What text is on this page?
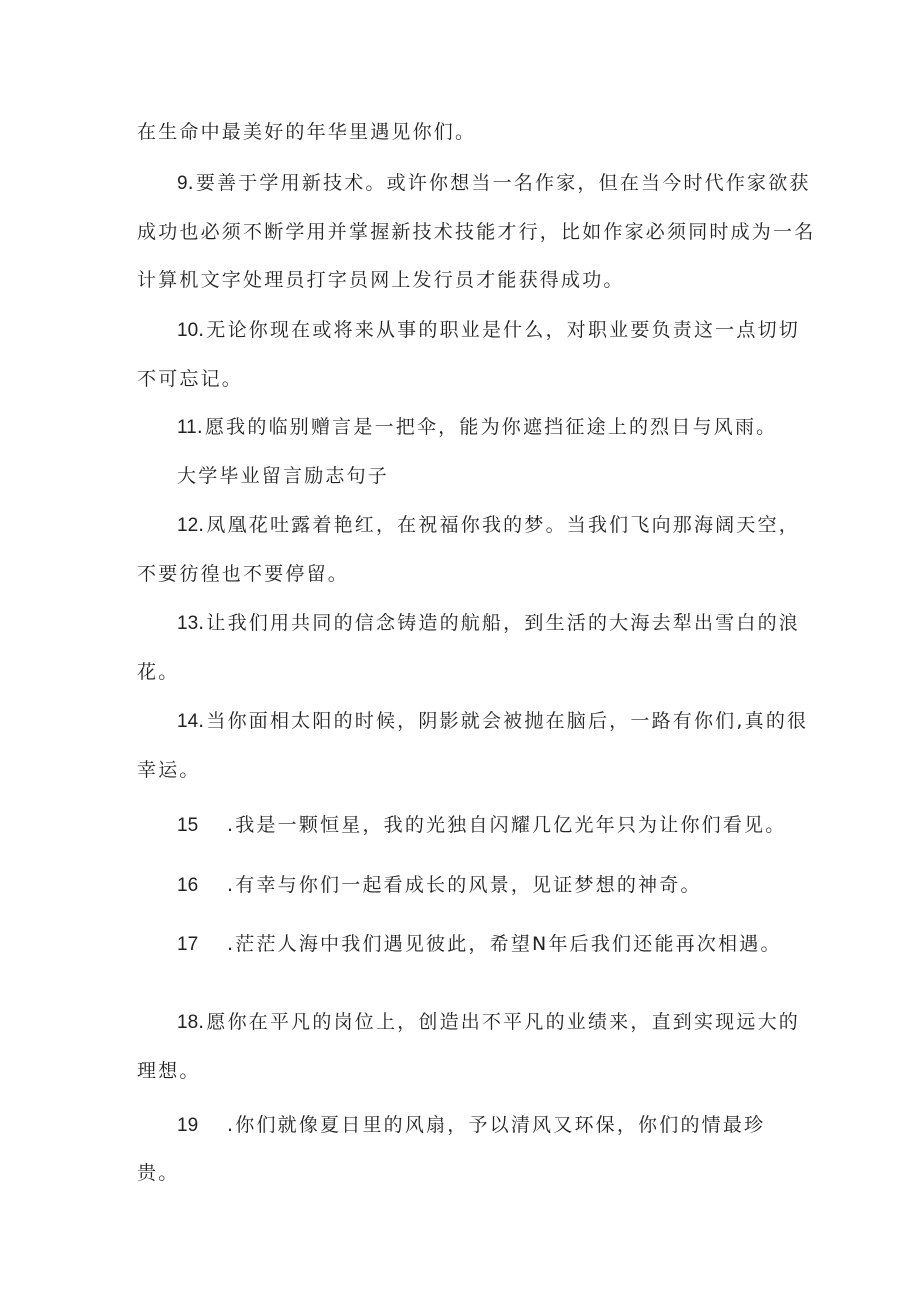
在生命中最美好的年华里遇见你们。
9.要善于学用新技术。或许你想当一名作家，但在当今时代作家欲获
成功也必须不断学用并掌握新技术技能才行，比如作家必须同时成为一名
计算机文字处理员打字员网上发行员才能获得成功。
10.无论你现在或将来从事的职业是什么，对职业要负责这一点切切
不可忘记。
11.愿我的临别赠言是一把伞，能为你遮挡征途上的烈日与风雨。
大学毕业留言励志句子
12.凤凰花吐露着艳红，在祝福你我的梦。当我们飞向那海阔天空，
不要彷徨也不要停留。
13.让我们用共同的信念铸造的航船，到生活的大海去犁出雪白的浪
花。
14.当你面相太阳的时候，阴影就会被抛在脑后，一路有你们,真的很
幸运。
15 .我是一颗恒星，我的光独自闪耀几亿光年只为让你们看见。
16 .有幸与你们一起看成长的风景，见证梦想的神奇。
17 .茫茫人海中我们遇见彼此，希望N年后我们还能再次相遇。
18.愿你在平凡的岗位上，创造出不平凡的业绩来，直到实现远大的
理想。
19 .你们就像夏日里的风扇，予以清风又环保，你们的情最珍
贵。
